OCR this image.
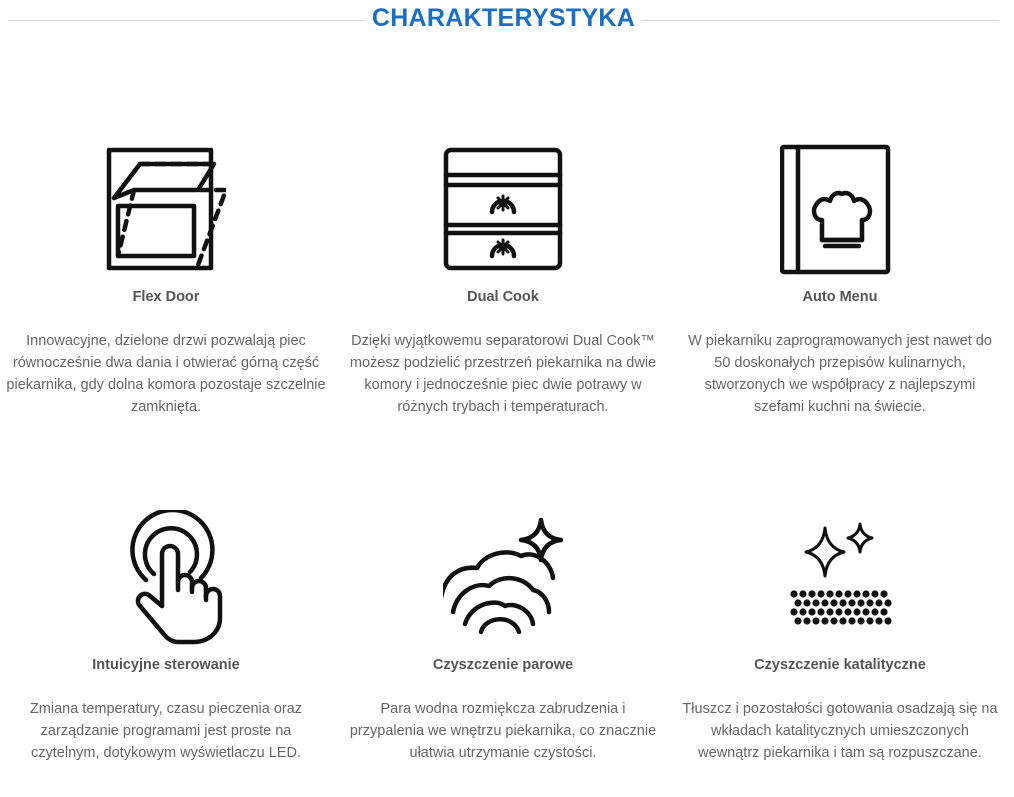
CHARAKTERYSTYKA
Flex Door
Innowacyjne, dzielone drzwi pozwalają piec równocześnie dwa dania i otwierać górną część piekarnika, gdy dolna komora pozostaje szczelnie zamknięta.
Dual Cook
Dzięki wyjątkowemu separatorowi Dual Cook™ możesz podzielić przestrzeń piekarnika na dwie komory i jednocześnie piec dwie potrawy w różnych trybach i temperaturach.
Auto Menu
W piekarniku zaprogramowanych jest nawet do 50 doskonałych przepisów kulinarnych, stworzonych we współpracy z najlepszymi szefami kuchni na świecie.
Intuicyjne sterowanie
Zmiana temperatury, czasu pieczenia oraz zarządzanie programami jest proste na czytelnym, dotykowym wyświetlaczu LED.
Czyszczenie parowe
Para wodna rozmiękcza zabrudzenia i przypalenia we wnętrzu piekarnika, co znacznie ułatwia utrzymanie czystości.
Czyszczenie katalityczne
Tłuszcz i pozostałości gotowania osadzają się na wkładach katalitycznych umieszczonych wewnątrz piekarnika i tam są rozpuszczane.
